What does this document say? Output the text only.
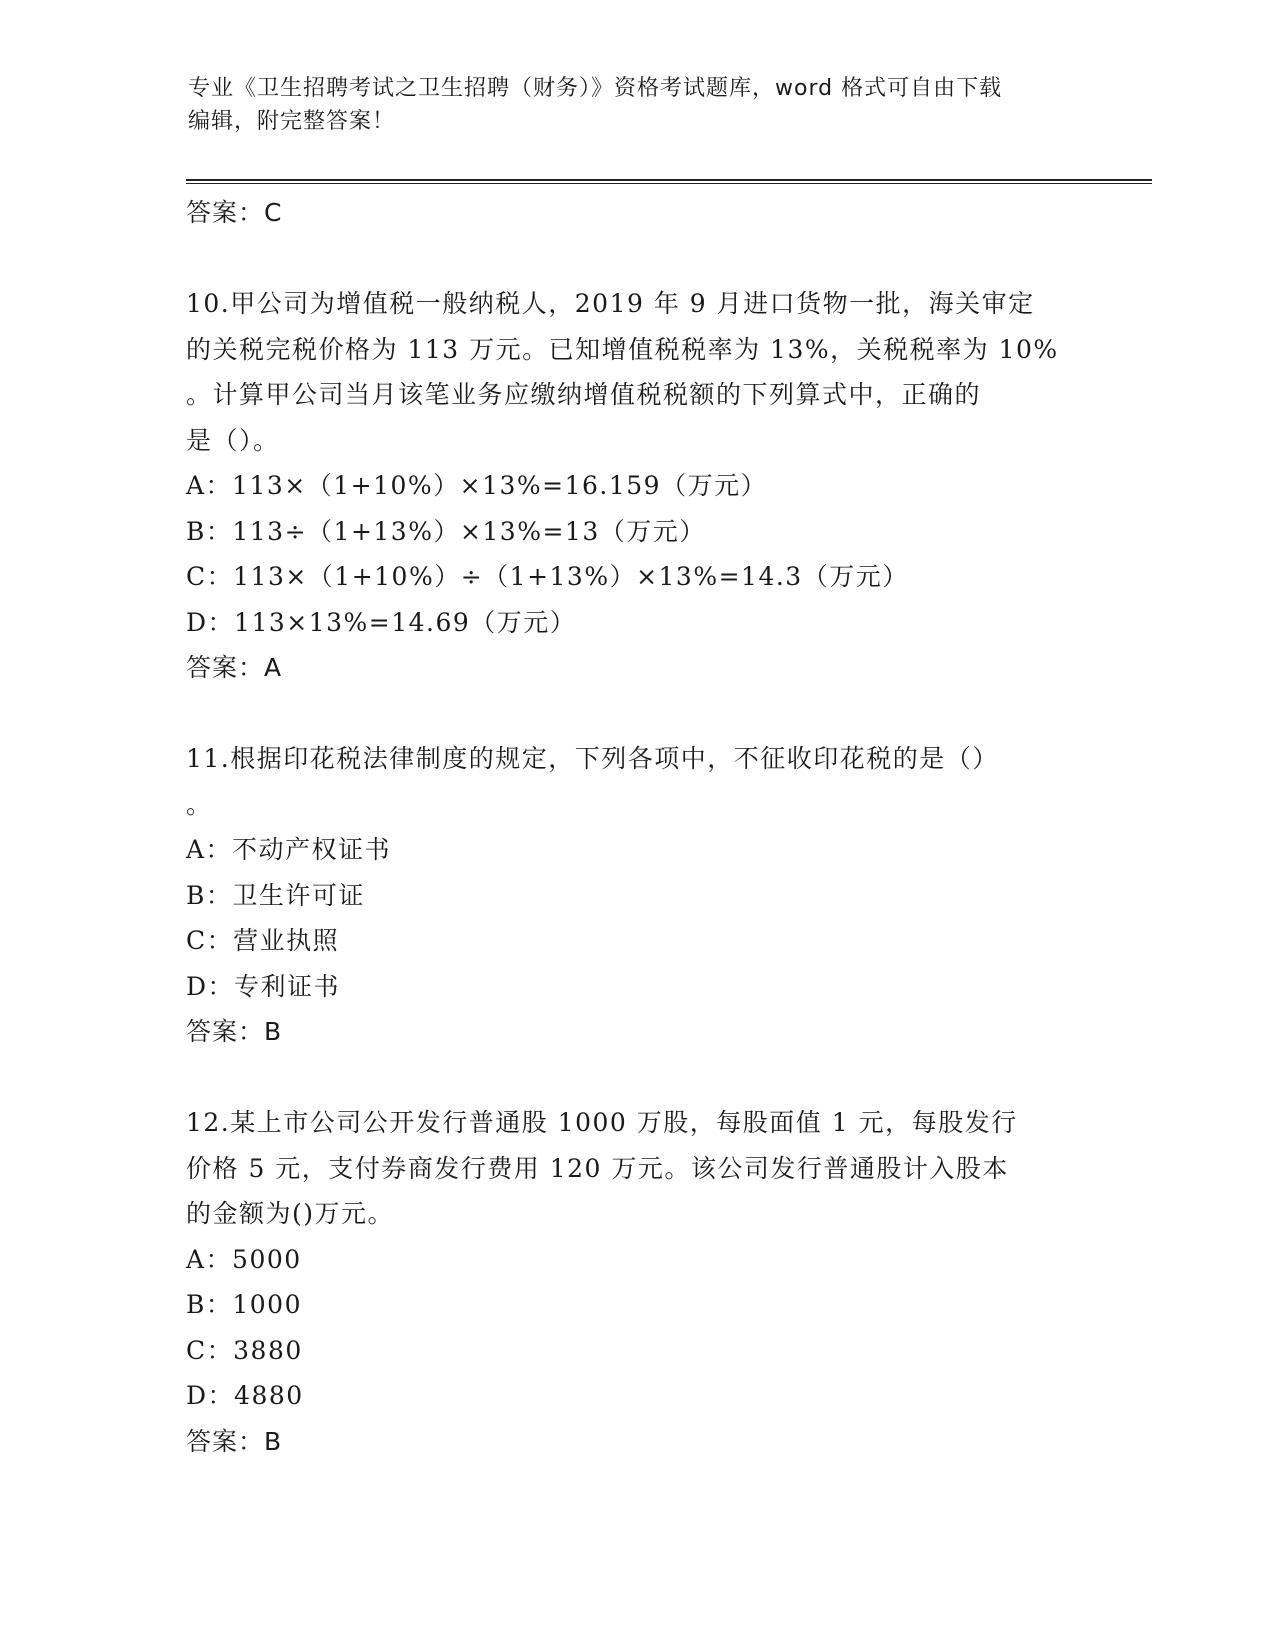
专业《卫生招聘考试之卫生招聘（财务）》资格考试题库，word 格式可自由下载
编辑，附完整答案！
答案：C
10.甲公司为增值税一般纳税人，2019 年 9 月进口货物一批，海关审定
的关税完税价格为 113 万元。已知增值税税率为 13%，关税税率为 10%
。计算甲公司当月该笔业务应缴纳增值税税额的下列算式中，正确的
是（）。
A：113×（1+10%）×13%=16.159（万元）
B：113÷（1+13%）×13%=13（万元）
C：113×（1+10%）÷（1+13%）×13%=14.3（万元）
D：113×13%=14.69（万元）
答案：A
11.根据印花税法律制度的规定，下列各项中，不征收印花税的是（）
。
A：不动产权证书
B：卫生许可证
C：营业执照
D：专利证书
答案：B
12.某上市公司公开发行普通股 1000 万股，每股面值 1 元，每股发行
价格 5 元，支付券商发行费用 120 万元。该公司发行普通股计入股本
的金额为()万元。
A：5000
B：1000
C：3880
D：4880
答案：B
